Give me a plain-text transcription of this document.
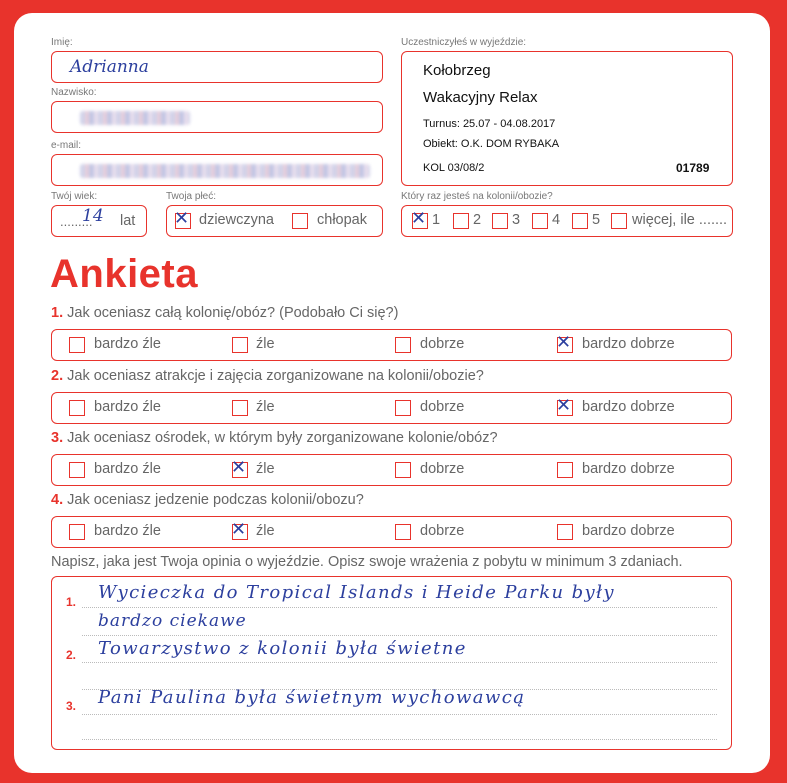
Imię:
Adrianna
Nazwisko:
e-mail:
Twój wiek:
.........
14 lat
Twoja płeć:
✕ dziewczyna	chłopak
Uczestniczyłeś w wyjeździe:
Kołobrzeg
Wakacyjny Relax
Turnus: 25.07 - 04.08.2017
Obiekt: O.K. DOM RYBAKA
KOL 03/08/2	01789
Który raz jesteś na kolonii/obozie?
✕ 1 2 3 4 5 więcej, ile .......
Ankieta
1. Jak oceniasz całą kolonię/obóz? (Podobało Ci się?)
bardzo źle	źle	dobrze	✕ bardzo dobrze
2. Jak oceniasz atrakcje i zajęcia zorganizowane na kolonii/obozie?
bardzo źle	źle	dobrze	✕ bardzo dobrze
3. Jak oceniasz ośrodek, w którym były zorganizowane kolonie/obóz?
bardzo źle	✕ źle	dobrze	bardzo dobrze
4. Jak oceniasz jedzenie podczas kolonii/obozu?
bardzo źle	✕ źle	dobrze	bardzo dobrze
Napisz, jaka jest Twoja opinia o wyjeździe. Opisz swoje wrażenia z pobytu w minimum 3 zdaniach.
1. Wycieczka do Tropical Islands i Heide Parku były
bardzo ciekawe
2. Towarzystwo z kolonii była świetne
3. Pani Paulina była świetnym wychowawcą
